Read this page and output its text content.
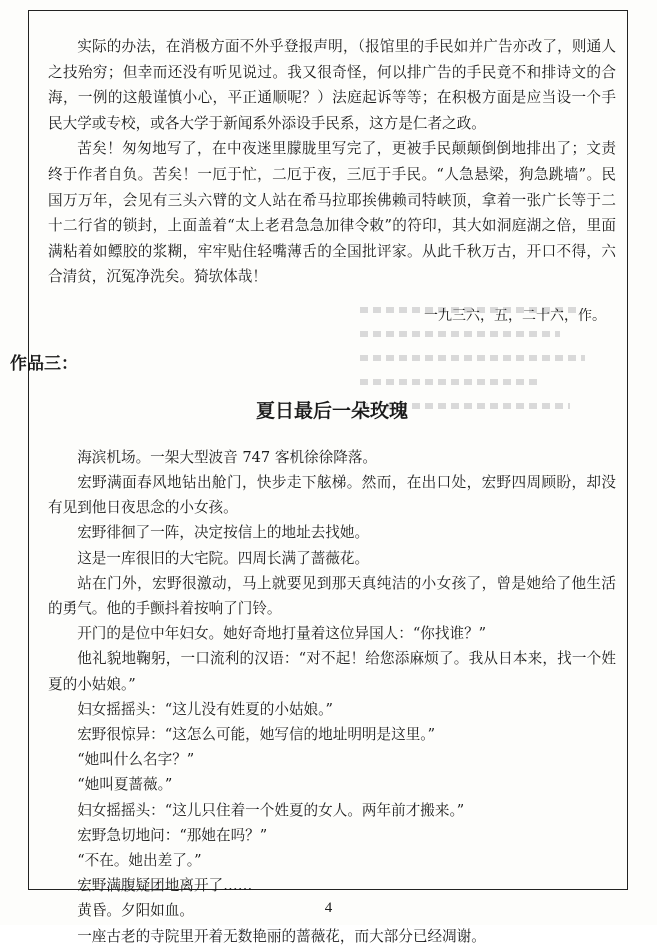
实际的办法，在消极方面不外乎登报声明，（报馆里的手民如并广告亦改了，则通人之技殆穷；但幸而还没有听见说过。我又很奇怪，何以排广告的手民竟不和排诗文的合海，一例的这般谨慎小心，平正通顺呢？）法庭起诉等等；在积极方面是应当设一个手民大学或专校，或各大学于新闻系外添设手民系，这方是仁者之政。

苦矣！匆匆地写了，在中夜迷里朦胧里写完了，更被手民颠颠倒倒地排出了；文责终于作者自负。苦矣！一厄于忙，二厄于夜，三厄于手民。“人急悬梁，狗急跳墙”。民国万万年，会见有三头六臂的文人站在希马拉耶挨佛赖司特峡顶，拿着一张广长等于二十二行省的锁封，上面盖着“太上老君急急加律令敕”的符印，其大如洞庭湖之倍，里面满粘着如鳔胶的浆糊，牢牢贴住轻嘴薄舌的全国批评家。从此千秋万古，开口不得，六合清贫，沉冤净洗矣。猗欤体哉！

一九三六，五，二十六，作。

作品三：

夏日最后一朵玫瑰

海滨机场。一架大型波音 747 客机徐徐降落。

宏野满面春风地钻出舱门，快步走下舷梯。然而，在出口处，宏野四周顾盼，却没有见到他日夜思念的小女孩。

宏野徘徊了一阵，决定按信上的地址去找她。

这是一库很旧的大宅院。四周长满了蔷薇花。

站在门外，宏野很激动，马上就要见到那天真纯洁的小女孩了，曾是她给了他生活的勇气。他的手颤抖着按响了门铃。

开门的是位中年妇女。她好奇地打量着这位异国人：“你找谁？”

他礼貌地鞠躬，一口流利的汉语：“对不起！给您添麻烦了。我从日本来，找一个姓夏的小姑娘。”

妇女摇摇头：“这儿没有姓夏的小姑娘。”

宏野很惊异：“这怎么可能，她写信的地址明明是这里。”

“她叫什么名字？”

“她叫夏蔷薇。”

妇女摇摇头：“这儿只住着一个姓夏的女人。两年前才搬来。”

宏野急切地问：“那她在吗？”

“不在。她出差了。”

宏野满腹疑团地离开了……

黄昏。夕阳如血。

一座古老的寺院里开着无数艳丽的蔷薇花，而大部分已经凋谢。

4
